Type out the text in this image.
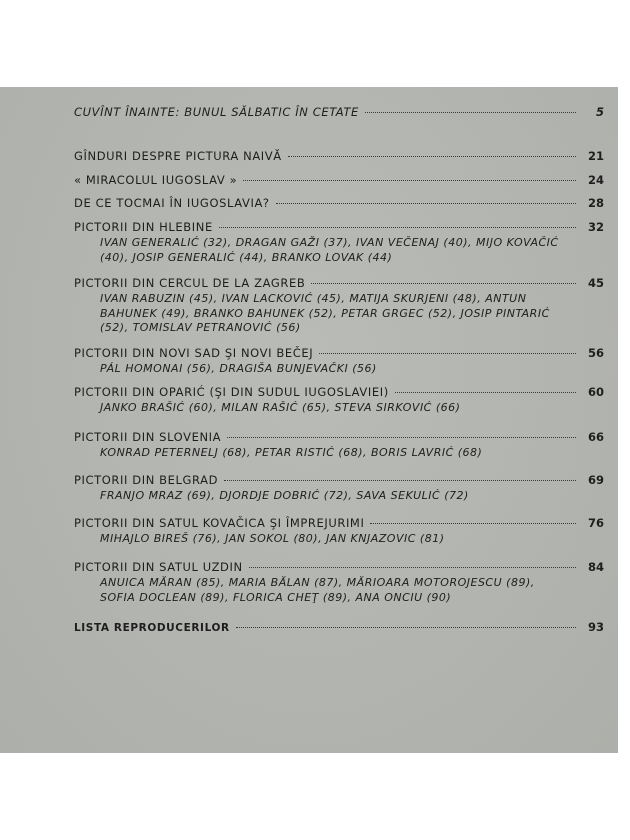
CUVÎNT ÎNAINTE: BUNUL SĂLBATIC ÎN CETATE	5
GÎNDURI DESPRE PICTURA NAIVĂ	21
« MIRACOLUL IUGOSLAV »	24
DE CE TOCMAI ÎN IUGOSLAVIA?	28
PICTORII DIN HLEBINE	32
IVAN GENERALIĆ (32), DRAGAN GAŽI (37), IVAN VEČENAJ (40), MIJO KOVAČIĆ (40), JOSIP GENERALIĆ (44), BRANKO LOVAK (44)
PICTORII DIN CERCUL DE LA ZAGREB	45
IVAN RABUZIN (45), IVAN LACKOVIĆ (45), MATIJA SKURJENI (48), ANTUN BAHUNEK (49), BRANKO BAHUNEK (52), PETAR GRGEC (52), JOSIP PINTARIĆ (52), TOMISLAV PETRANOVIĆ (56)
PICTORII DIN NOVI SAD ŞI NOVI BEČEJ	56
PÁL HOMONAI (56), DRAGIŠA BUNJEVAČKI (56)
PICTORII DIN OPARIĆ (ŞI DIN SUDUL IUGOSLAVIEI)	60
JANKO BRAŠIĆ (60), MILAN RAŠIĆ (65), STEVA SIRKOVIĆ (66)
PICTORII DIN SLOVENIA	66
KONRAD PETERNELJ (68), PETAR RISTIĆ (68), BORIS LAVRIĆ (68)
PICTORII DIN BELGRAD	69
FRANJO MRAZ (69), DJORDJE DOBRIĆ (72), SAVA SEKULIĆ (72)
PICTORII DIN SATUL KOVAČICA ŞI ÎMPREJURIMI	76
MIHAJLO BIREŠ (76), JAN SOKOL (80), JAN KNJAZOVIC (81)
PICTORII DIN SATUL UZDIN	84
ANUICA MĂRAN (85), MARIA BĂLAN (87), MĂRIOARA MOTOROJESCU (89), SOFIA DOCLEAN (89), FLORICA CHEŢ (89), ANA ONCIU (90)
LISTA REPRODUCERILOR	93
